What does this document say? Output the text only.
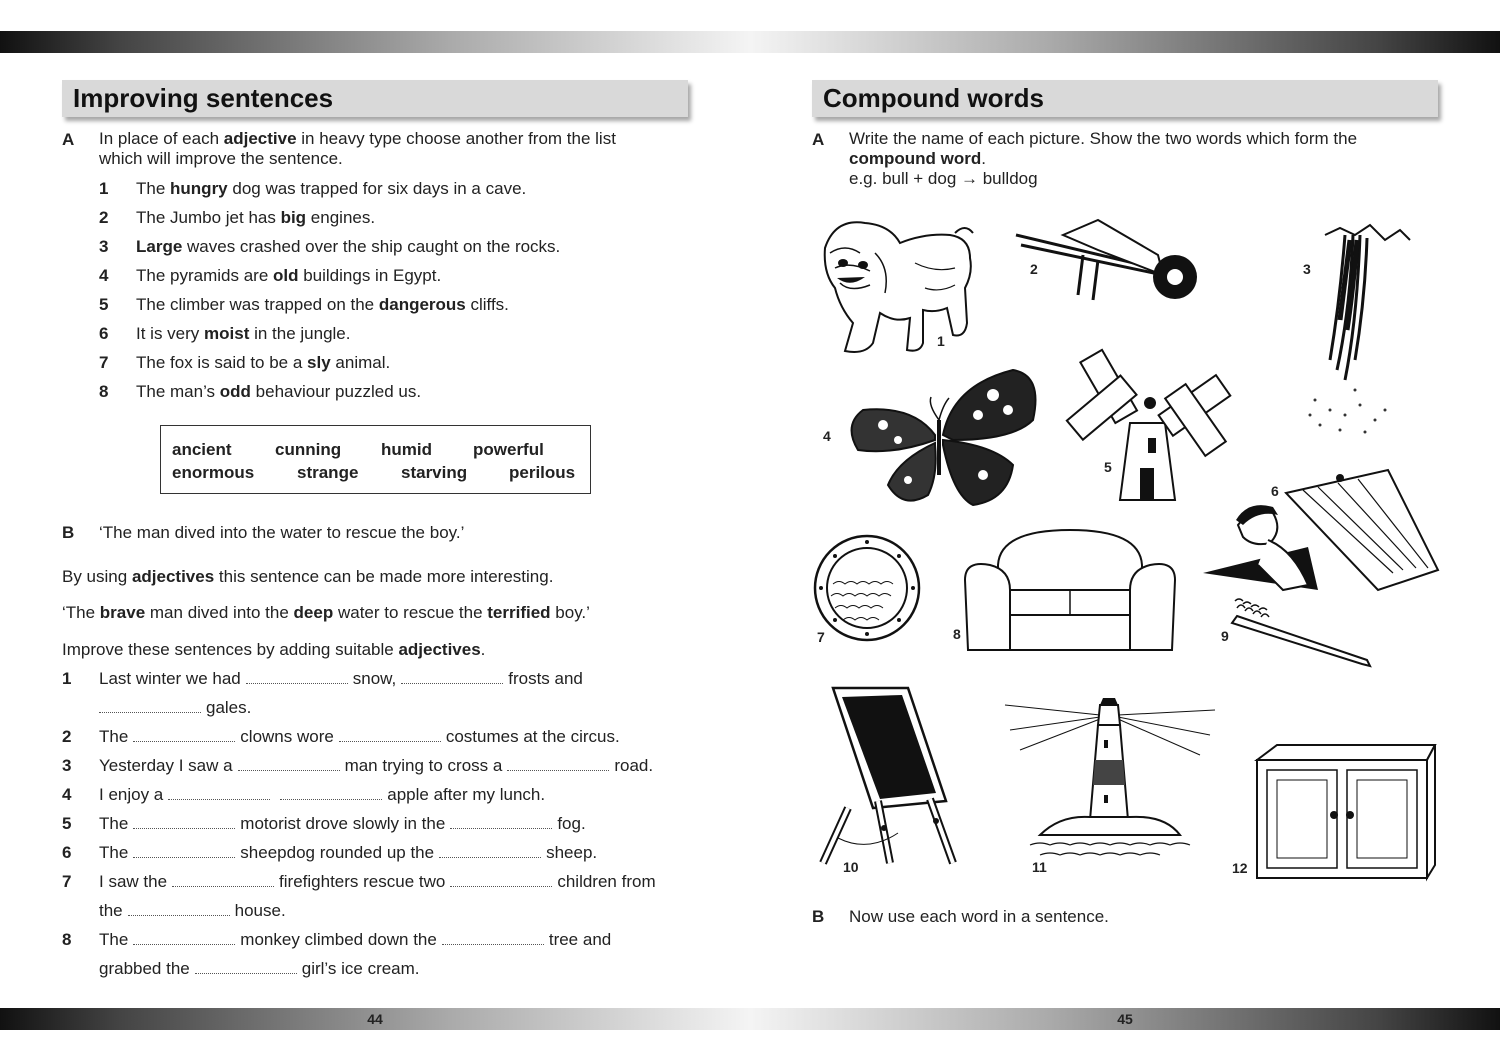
44	45
Improving sentences
A In place of each adjective in heavy type choose another from the list
which will improve the sentence.
1 The hungry dog was trapped for six days in a cave.
2 The Jumbo jet has big engines.
3 Large waves crashed over the ship caught on the rocks.
4 The pyramids are old buildings in Egypt.
5 The climber was trapped on the dangerous cliffs.
6 It is very moist in the jungle.
7 The fox is said to be a sly animal.
8 The man’s odd behaviour puzzled us.
ancient	cunning humid powerful
enormous	strange	starving perilous
B ‘The man dived into the water to rescue the boy.’
By using adjectives this sentence can be made more interesting.
‘The brave man dived into the deep water to rescue the terrified boy.’
Improve these sentences by adding suitable adjectives.
1 Last winter we had	snow,	frosts and
gales.
2 The	clowns wore	costumes at the circus.
3 Yesterday I saw a	man trying to cross a	road.
4 I enjoy a	apple after my lunch.
5 The	motorist drove slowly in the	fog.
6 The	sheepdog rounded up the	sheep.
7 I saw the	firefighters rescue two	children from
the	house.
8 The	monkey climbed down the	tree and
grabbed the	girl’s ice cream.
Compound words
A Write the name of each picture. Show the two words which form the
compound word.
e.g. bull + dog → bulldog
1
2	3
4
5
6
7	8	9
10	11	12
B Now use each word in a sentence.
